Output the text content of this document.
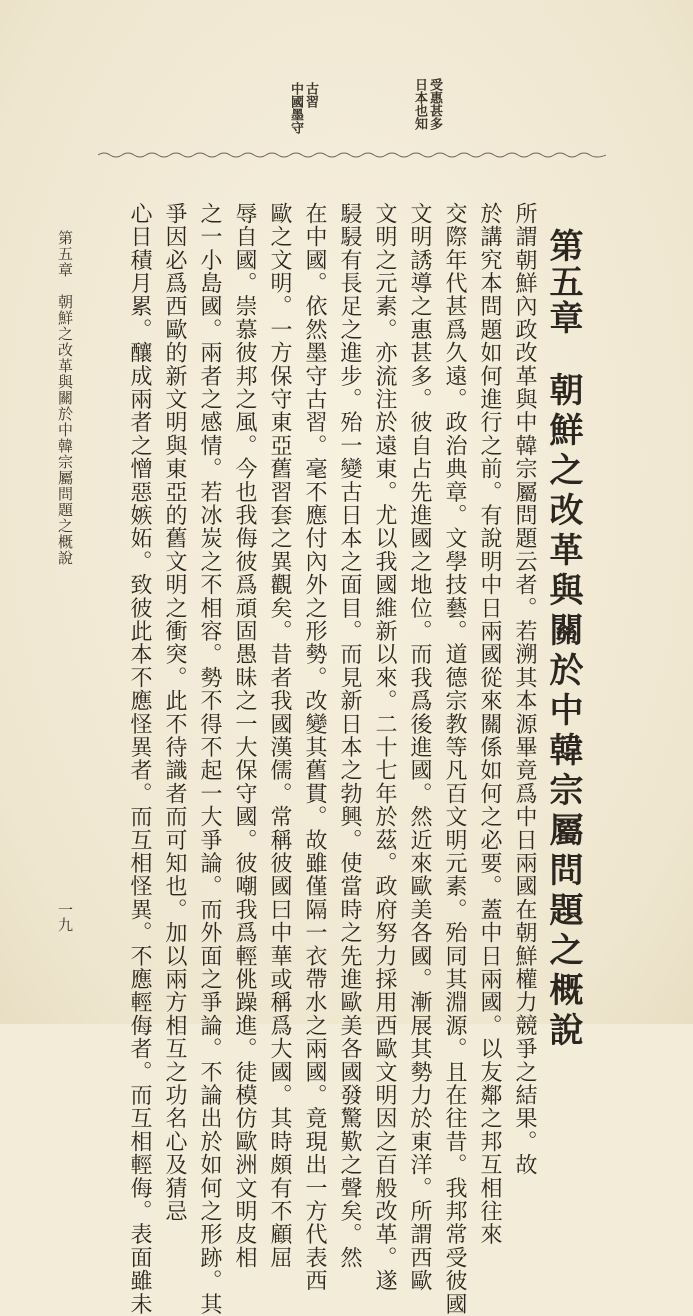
第五章朝鮮之改革與關於中韓宗屬問題之概說
日本也知 受惠甚多
中國墨守 古習
所謂朝鮮內政改革與中韓宗屬問題云者。若溯其本源畢竟爲中日兩國在朝鮮權力競爭之結果。故
於講究本問題如何進行之前。有說明中日兩國從來關係如何之必要。蓋中日兩國。以友鄰之邦互相往來
交際年代甚爲久遠。政治典章。文學技藝。道德宗教等凡百文明元素。殆同其淵源。且在往昔。我邦常受彼國
文明誘導之惠甚多。彼自占先進國之地位。而我爲後進國。然近來歐美各國。漸展其勢力於東洋。所謂西歐
文明之元素。亦流注於遠東。尤以我國維新以來。二十七年於茲。政府努力採用西歐文明因之百般改革。遂
駸駸有長足之進步。殆一變古日本之面目。而見新日本之勃興。使當時之先進歐美各國發驚歎之聲矣。然
在中國。依然墨守古習。毫不應付內外之形勢。改變其舊貫。故雖僅隔一衣帶水之兩國。竟現出一方代表西
歐之文明。一方保守東亞舊習套之異觀矣。昔者我國漢儒。常稱彼國曰中華或稱爲大國。其時頗有不顧屈
辱自國。崇慕彼邦之風。今也我侮彼爲頑固愚昧之一大保守國。彼嘲我爲輕佻躁進。徒模仿歐洲文明皮相
之一小島國。兩者之感情。若冰炭之不相容。勢不得不起一大爭論。而外面之爭論。不論出於如何之形跡。其
爭因必爲西歐的新文明與東亞的舊文明之衝突。此不待識者而可知也。加以兩方相互之功名心及猜忌
心日積月累。釀成兩者之憎惡嫉妬。致彼此本不應怪異者。而互相怪異。不應輕侮者。而互相輕侮。表面雖未
第五章　朝鮮之改革與關於中韓宗屬問題之概說
一九
